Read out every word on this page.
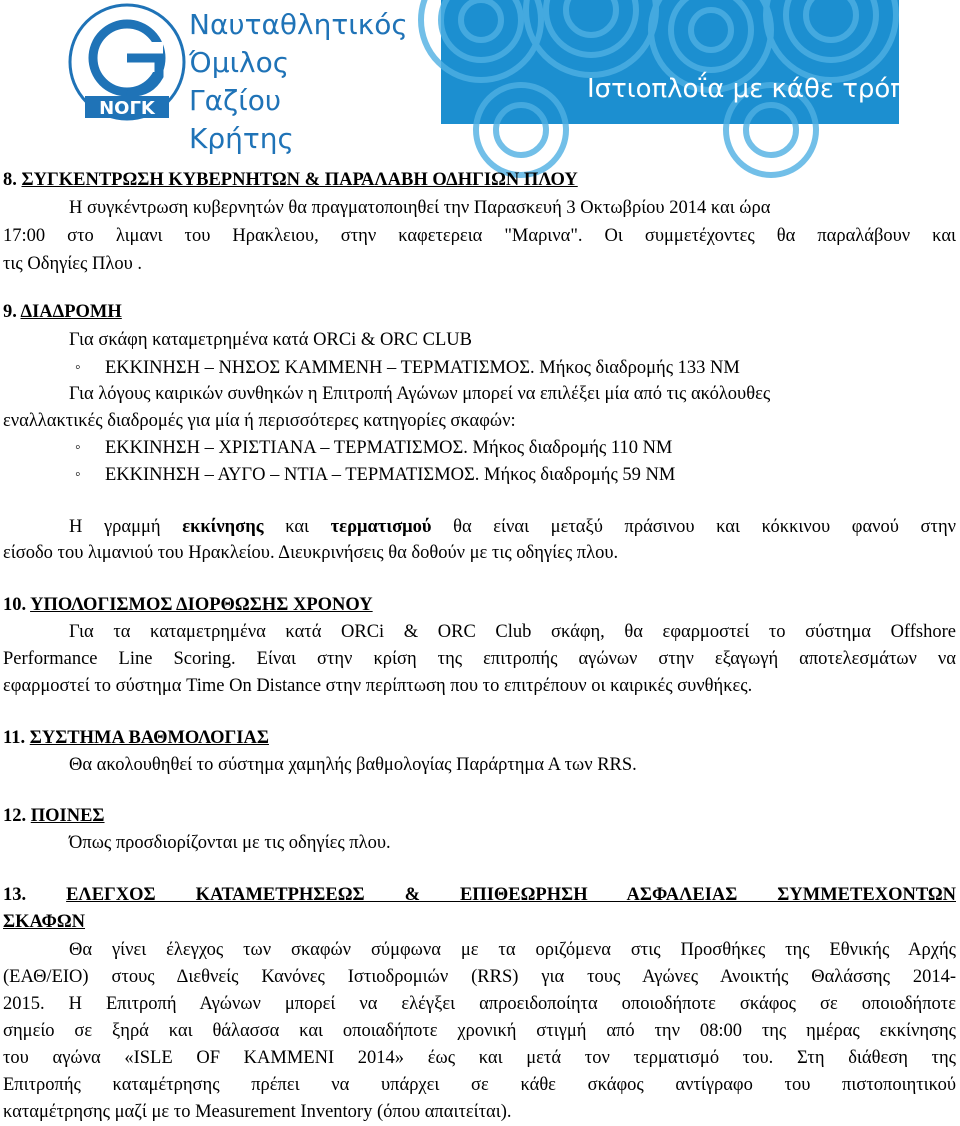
ΝΟΓΚ
Ναυταθλητικός
Όμιλος
Γαζίου
Κρήτης
Ιστιοπλοΐα με κάθε τρόπο!
8. ΣΥΓΚΕΝΤΡΩΣΗ ΚΥΒΕΡΝΗΤΩΝ & ΠΑΡΑΛΑΒΗ ΟΔΗΓΙΩΝ ΠΛΟΥ
Η συγκέντρωση κυβερνητών θα πραγματοποιηθεί την Παρασκευή 3 Οκτωβρίου 2014 και ώρα
17:00 στο λιμανι του Ηρακλειου, στην καφετερεια "Μαρινα". Οι συμμετέχοντες θα παραλάβουν και
τις Οδηγίες Πλου .
9. ΔΙΑΔΡΟΜΗ
Για σκάφη καταμετρημένα κατά ORCi & ORC CLUB
◦ ΕΚΚΙΝΗΣΗ – ΝΗΣΟΣ ΚΑΜΜΕΝΗ – ΤΕΡΜΑΤΙΣΜΟΣ. Μήκος διαδρομής 133 ΝΜ
Για λόγους καιρικών συνθηκών η Επιτροπή Αγώνων μπορεί να επιλέξει μία από τις ακόλουθες
εναλλακτικές διαδρομές για μία ή περισσότερες κατηγορίες σκαφών:
◦ ΕΚΚΙΝΗΣΗ – ΧΡΙΣΤΙΑΝΑ – ΤΕΡΜΑΤΙΣΜΟΣ. Μήκος διαδρομής 110 ΝΜ
◦ ΕΚΚΙΝΗΣΗ – ΑΥΓΟ – ΝΤΙΑ – ΤΕΡΜΑΤΙΣΜΟΣ. Μήκος διαδρομής 59 ΝΜ
Η γραμμή εκκίνησης και τερματισμού θα είναι μεταξύ πράσινου και κόκκινου φανού στην
είσοδο του λιμανιού του Ηρακλείου. Διευκρινήσεις θα δοθούν με τις οδηγίες πλου.
10. ΥΠΟΛΟΓΙΣΜΟΣ ΔΙΟΡΘΩΣΗΣ ΧΡΟΝΟΥ
Για τα καταμετρημένα κατά ORCi & ORC Club σκάφη, θα εφαρμοστεί το σύστημα Offshore
Performance Line Scoring. Είναι στην κρίση της επιτροπής αγώνων στην εξαγωγή αποτελεσμάτων να
εφαρμοστεί το σύστημα Time On Distance στην περίπτωση που το επιτρέπουν οι καιρικές συνθήκες.
11. ΣΥΣΤΗΜΑ ΒΑΘΜΟΛΟΓΙΑΣ
Θα ακολουθηθεί το σύστημα χαμηλής βαθμολογίας Παράρτημα Α των RRS.
12. ΠΟΙΝΕΣ
Όπως προσδιορίζονται με τις οδηγίες πλου.
13. ΕΛΕΓΧΟΣ ΚΑΤΑΜΕΤΡΗΣΕΩΣ & ΕΠΙΘΕΩΡΗΣΗ ΑΣΦΑΛΕΙΑΣ ΣΥΜΜΕΤΕΧΟΝΤΩΝ
ΣΚΑΦΩΝ
Θα γίνει έλεγχος των σκαφών σύμφωνα με τα οριζόμενα στις Προσθήκες της Εθνικής Αρχής
(ΕΑΘ/ΕΙΟ) στους Διεθνείς Κανόνες Ιστιοδρομιών (RRS) για τους Αγώνες Ανοικτής Θαλάσσης 2014-
2015. Η Επιτροπή Αγώνων μπορεί να ελέγξει απροειδοποίητα οποιοδήποτε σκάφος σε οποιοδήποτε
σημείο σε ξηρά και θάλασσα και οποιαδήποτε χρονική στιγμή από την 08:00 της ημέρας εκκίνησης
του αγώνα «ISLE OF KAMMENI 2014» έως και μετά τον τερματισμό του. Στη διάθεση της
Επιτροπής καταμέτρησης πρέπει να υπάρχει σε κάθε σκάφος αντίγραφο του πιστοποιητικού
καταμέτρησης μαζί με το Measurement Inventory (όπου απαιτείται).
